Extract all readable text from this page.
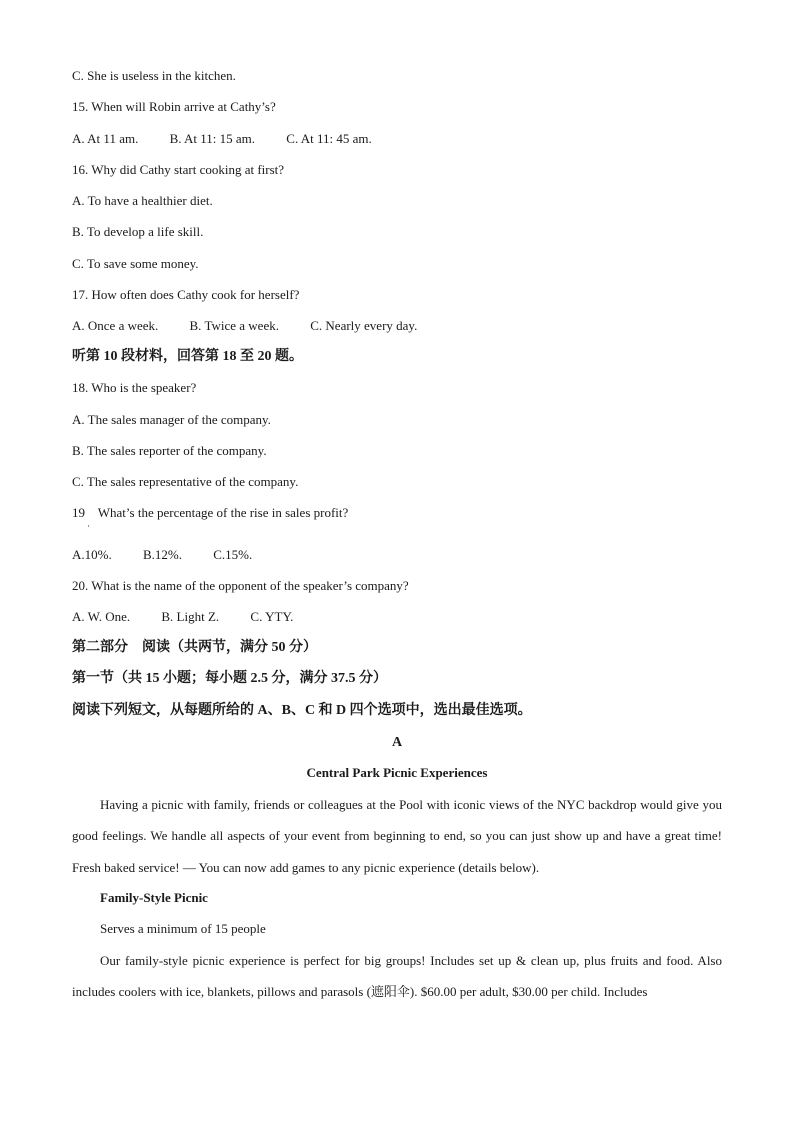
C. She is useless in the kitchen.
15. When will Robin arrive at Cathy’s?
A. At 11 am. B. At 11: 15 am. C. At 11: 45 am.
16. Why did Cathy start cooking at first?
A. To have a healthier diet.
B. To develop a life skill.
C. To save some money.
17. How often does Cathy cook for herself?
A. Once a week. B. Twice a week. C. Nearly every day.
听第 10 段材料，回答第 18 至 20 题。
18. Who is the speaker?
A. The sales manager of the company.
B. The sales reporter of the company.
C. The sales representative of the company.
19    What’s the percentage of the rise in sales profit?
·
A.10%. B.12%. C.15%.
20. What is the name of the opponent of the speaker’s company?
A. W. One. B. Light Z. C. YTY.
第二部分    阅读（共两节，满分 50 分）
第一节（共 15 小题；每小题 2.5 分，满分 37.5 分）
阅读下列短文，从每题所给的 A、B、C 和 D 四个选项中，选出最佳选项。
A
Central Park Picnic Experiences
Having a picnic with family, friends or colleagues at the Pool with iconic views of the NYC backdrop would give you good feelings. We handle all aspects of your event from beginning to end, so you can just show up and have a great time! Fresh baked service! — You can now add games to any picnic experience (details below).
Family-Style Picnic
Serves a minimum of 15 people
Our family-style picnic experience is perfect for big groups! Includes set up & clean up, plus fruits and food. Also includes coolers with ice, blankets, pillows and parasols (遮阳伞). $60.00 per adult, $30.00 per child. Includes
